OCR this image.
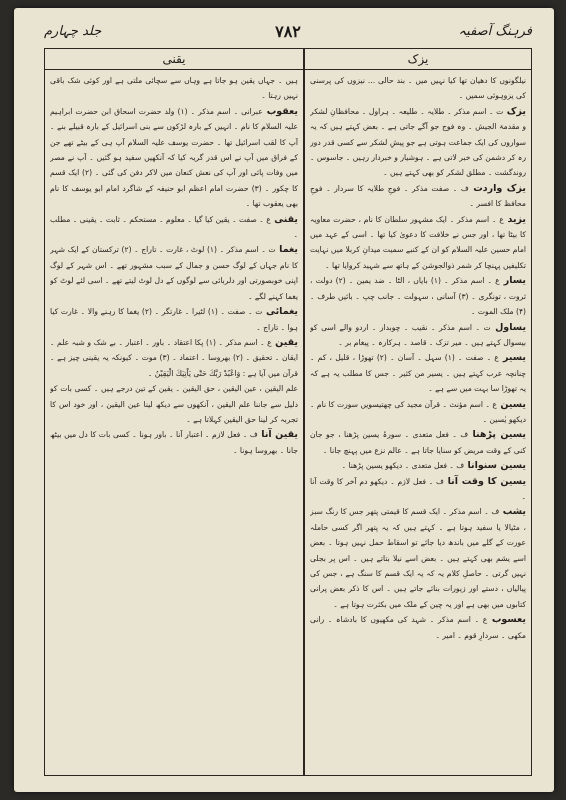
جلد چہارم	۷۸۲	فرہنگ آصفیہ
یقنی	یزک

نیلگونوں کا دھیان تھا کیا نہیں میں ۔ بند حالی ... نیزوں کی پرسنی کی یزوہوئی سمیں ۔

یزکت ۔ اسم مذکر ۔ طلایہ ۔ طلیعہ ۔ ہراول ۔ محافظانِ لشکر و مقدمۃ الجیش ۔ وہ فوج جو آگے جاتی ہے ۔ بعض کہتے ہیں کہ یہ سواروں کی ایک جماعت ہوتی ہے جو پیشِ لشکر سے کسی قدر دور رہ کر دشمن کی خبر لاتی ہے ۔ ہوشیار و خبردار رہیں ۔ جاسوس ۔ روندگشت ۔ مطلق لشکر کو بھی کہتے ہیں ۔

یزک واردتف ۔ صفت مذکر ۔ فوجِ طلایہ کا سردار ۔ فوجِ محافظ کا افسر ۔

یزیدع ۔ اسم مذکر ۔ ایک مشہور سلطان کا نام ، حضرت معاویہ کا بیٹا تھا ، اور جس نے خلافت کا دعویٰ کیا تھا ۔ اسی کے عہد میں امام حسین علیہ السلام کو ان کے کنبے سمیت میدانِ کربلا میں نہایت تکلیفیں پہنچا کر شمر ذوالجوشن کے ہاتھ سے شہید کروایا تھا ۔

یسارع ۔ اسم مذکر ۔ (۱) بایاں ، الٹا ۔ ضد یمین ۔ (۲) دولت ، ثروت ، تونگری ۔ (۳) آسانی ، سہولت ۔ جانب چپ ۔ بائیں طرف ۔ (۴) ملک الموت ۔

یساولت ۔ اسم مذکر ۔ نقیب ۔ چوبدار ۔ اردو والے اسی کو بیسوال کہتے ہیں ۔ میر تزک ۔ قاصد ۔ ہرکارہ ۔ پیغام بر ۔

یسیرع ۔ صفت ۔ (۱) سہل ۔ آسان ۔ (۲) تھوڑا ، قلیل ، کم ۔ چنانچہ عرب کہتے ہیں ۔ یسیر من کثیر ۔ جس کا مطلب یہ ہے کہ یہ تھوڑا سا بہت میں سے ہے ۔

یسینع ۔ اسم مؤنث ۔ قرآن مجید کی چھتیسویں سورت کا نام ۔ دیکھو یٰسین ۔

یسین پڑھناف ۔ فعل متعدی ۔ سورۂ یسین پڑھنا ، جو جان کنی کے وقت مریض کو سنایا جاتا ہے ۔ عالم نزع میں پہنچ جانا ۔

یسین سنواناف ۔ فعل متعدی ۔ دیکھو یسین پڑھنا ۔

یسین کا وقت آناف ۔ فعل لازم ۔ دیکھو دم آخر کا وقت آنا ۔

یشبف ۔ اسم مذکر ۔ ایک قسم کا قیمتی پتھر جس کا رنگ سبز ، مٹیالا یا سفید ہوتا ہے ۔ کہتے ہیں کہ یہ پتھر اگر کسی حاملہ عورت کے گلے میں باندھ دیا جائے تو اسقاط حمل نہیں ہوتا ۔ بعض اسے یشم بھی کہتے ہیں ۔ بعض اسے نیلا بتاتے ہیں ۔ اس پر بجلی نہیں گرتی ۔ حاصلِ کلام یہ کہ یہ ایک قسم کا سنگ ہے ، جس کی پیالیاں ، دستے اور زیورات بنائے جاتے ہیں ۔ اس کا ذکر بعض پرانی کتابوں میں بھی ہے اور یہ چین کے ملک میں بکثرت ہوتا ہے ۔

یعسوبع ۔ اسم مذکر ۔ شہد کی مکھیوں کا بادشاہ ۔ رانی مکھی ۔ سردارِ قوم ۔ امیر ۔

ہیں ۔ جہاں یقین ہو جاتا ہے وہاں سے سچائی ملتی ہے اور کوئی شک باقی نہیں رہتا ۔

یعقوبعبرانی ۔ اسم مذکر ۔ (۱) ولد حضرت اسحاق ابن حضرت ابراہیم علیہ السلام کا نام ۔ انہیں کے بارہ لڑکوں سے بنی اسرائیل کے بارہ قبیلے بنے ۔ آپ کا لقب اسرائیل تھا ۔ حضرت یوسف علیہ السلام آپ ہی کے بیٹے تھے جن کے فراق میں آپ نے اس قدر گریہ کیا کہ آنکھیں سفید ہو گئیں ۔ آپ نے مصر میں وفات پائی اور آپ کی نعش کنعان میں لاکر دفن کی گئی ۔ (۲) ایک قسم کا چکور ۔ (۳) حضرت امام اعظم ابو حنیفہ کے شاگرد امام ابو یوسف کا نام بھی یعقوب تھا ۔

یقنیع ۔ صفت ۔ یقین کیا گیا ۔ معلوم ۔ مستحکم ۔ ثابت ۔ یقینی ۔ مطلب ۔

یغمات ۔ اسم مذکر ۔ (۱) لوٹ ، غارت ۔ تاراج ۔ (۲) ترکستان کے ایک شہر کا نام جہاں کے لوگ حسن و جمال کے سبب مشہور تھے ۔ اس شہر کے لوگ اپنی خوبصورتی اور دلربائی سے لوگوں کے دل لوٹ لیتے تھے ۔ اسی لئے لوٹ کو یغما کہنے لگے ۔

یغمائیت ۔ صفت ۔ (۱) لٹیرا ۔ غارتگر ۔ (۲) یغما کا رہنے والا ۔ غارت کیا ہوا ۔ تاراج ۔

یقینع ۔ اسم مذکر ۔ (۱) پکا اعتقاد ۔ باور ۔ اعتبار ۔ بے شک و شبہ علم ۔ ایقان ۔ تحقیق ۔ (۲) بھروسا ۔ اعتماد ۔ (۳) موت ۔ کیونکہ یہ یقینی چیز ہے ۔ قرآن میں آیا ہے : وَاعْبُدْ رَبَّكَ حَتّٰى يَاْتِيَكَ الْيَقِيْنُ ۔

علم الیقین ، عین الیقین ، حق الیقین ۔ یقین کے تین درجے ہیں ۔ کسی بات کو دلیل سے جاننا علم الیقین ، آنکھوں سے دیکھ لینا عین الیقین ، اور خود اس کا تجربہ کر لینا حق الیقین کہلاتا ہے ۔

یقین آناف ۔ فعل لازم ۔ اعتبار آنا ۔ باور ہونا ۔ کسی بات کا دل میں بیٹھ جانا ۔ بھروسا ہونا ۔
